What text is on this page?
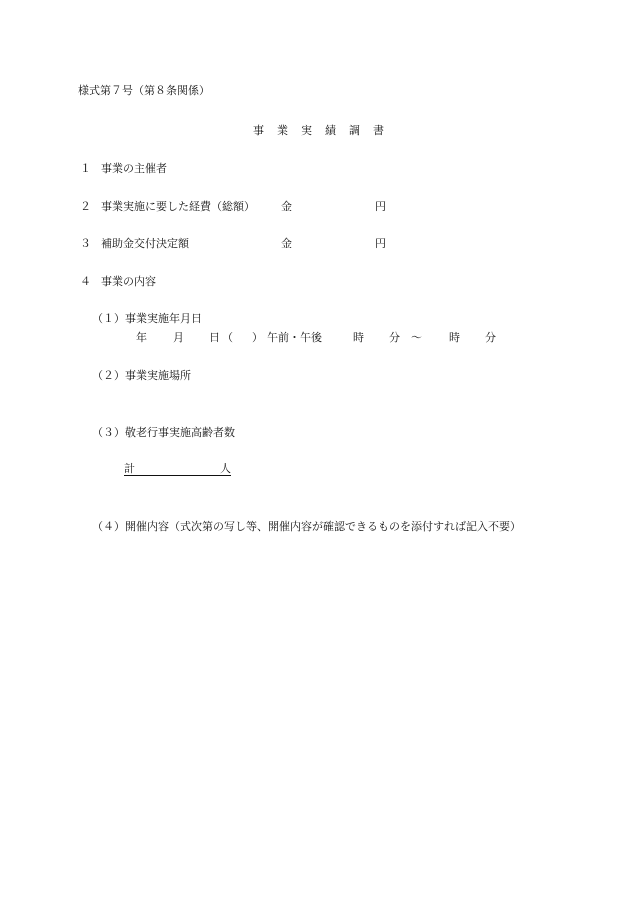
様式第７号（第８条関係）
事 業 実 績 調 書
１ 事業の主催者
２ 事業実施に要した経費（総額） 金	円
３ 補助金交付決定額	金	円
４ 事業の内容
（１） 事業実施年月日
年 月 日 （ ） 午前・午後	時 分 ～ 時 分
（２） 事業実施場所
（３） 敬老行事実施高齢者数
計	人
（４） 開催内容（式次第の写し等、開催内容が確認できるものを添付すれば記入不要）
